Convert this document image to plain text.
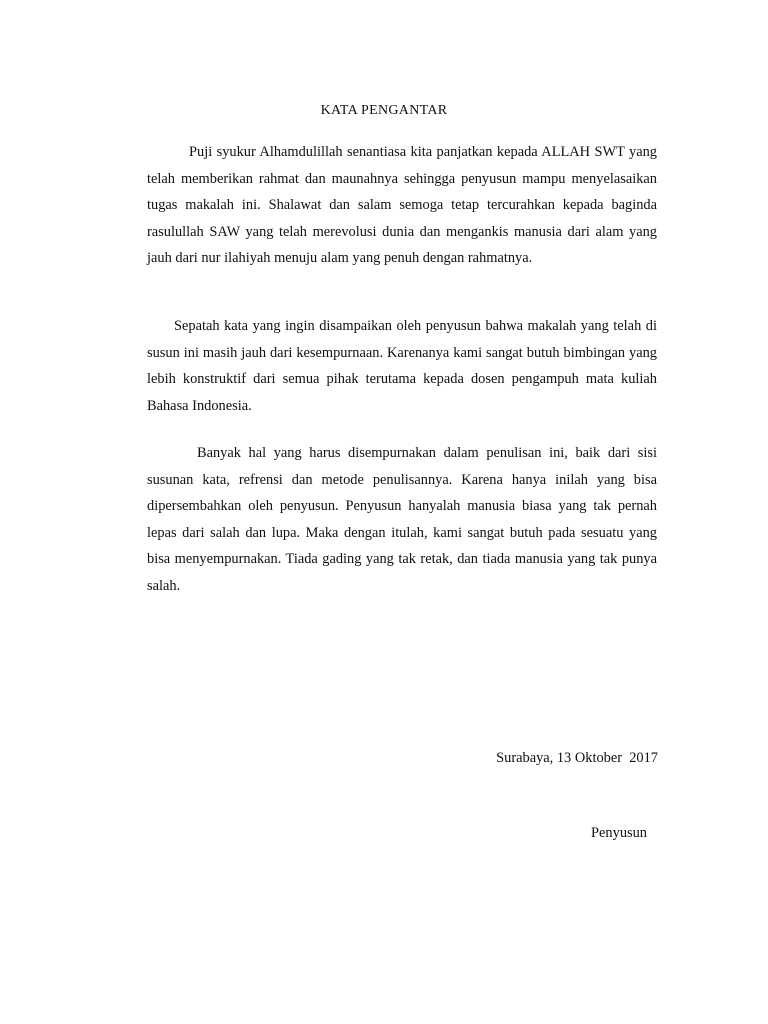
KATA PENGANTAR

Puji syukur Alhamdulillah senantiasa kita panjatkan kepada ALLAH SWT yang telah memberikan rahmat dan maunahnya sehingga penyusun mampu menyelasaikan tugas makalah ini. Shalawat dan salam semoga tetap tercurahkan kepada baginda rasulullah SAW yang telah merevolusi dunia dan mengankis manusia dari alam yang jauh dari nur ilahiyah menuju alam yang penuh dengan rahmatnya.

Sepatah kata yang ingin disampaikan oleh penyusun bahwa makalah yang telah di susun ini masih jauh dari kesempurnaan. Karenanya kami sangat butuh bimbingan yang lebih konstruktif dari semua pihak terutama kepada dosen pengampuh mata kuliah Bahasa Indonesia.

Banyak hal yang harus disempurnakan dalam penulisan ini, baik dari sisi susunan kata, refrensi dan metode penulisannya. Karena hanya inilah yang bisa dipersembahkan oleh penyusun. Penyusun hanyalah manusia biasa yang tak pernah lepas dari salah dan lupa. Maka dengan itulah, kami sangat butuh pada sesuatu yang bisa menyempurnakan. Tiada gading yang tak retak, dan tiada manusia yang tak punya salah.

Surabaya, 13 Oktober  2017
Penyusun
